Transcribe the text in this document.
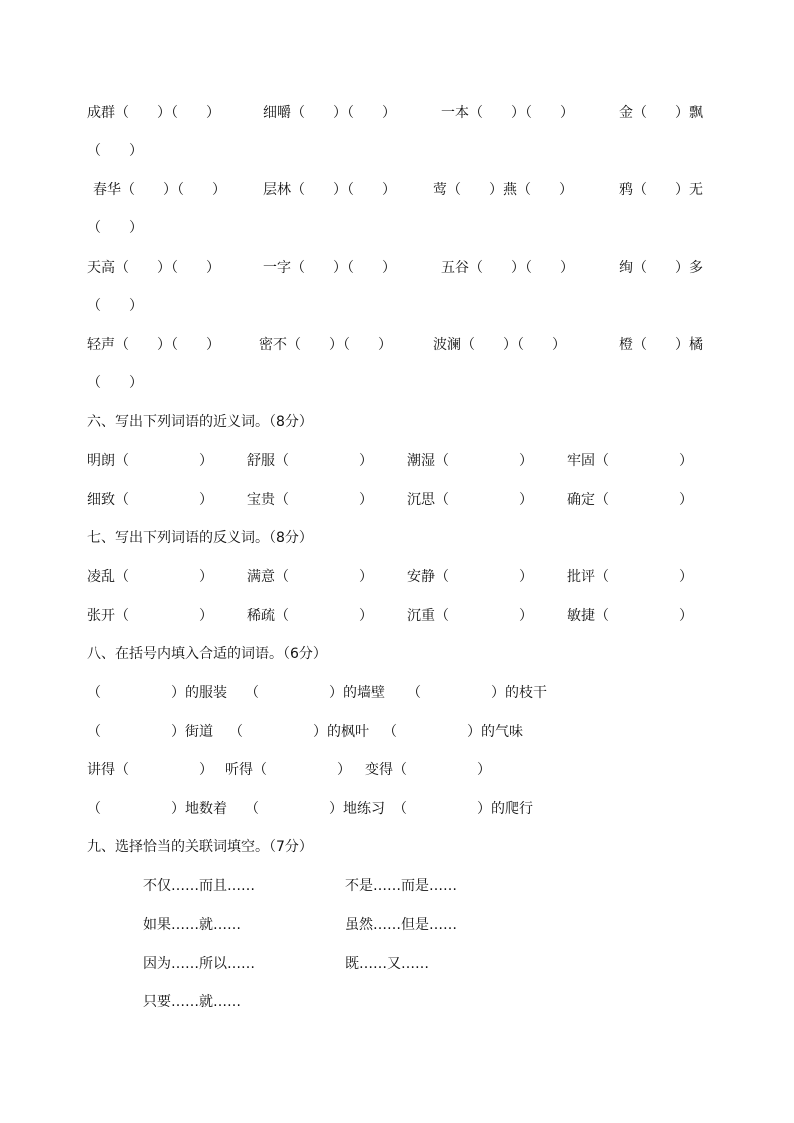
成群（　　）（　　）	细嚼（　　）（　　）	一本（　　）（　　）	金（　　）飘
（　　）
春华（　　）（　　）	层林（　　）（　　）	莺（　　）燕（　　）	鸦（　　）无
（　　）
天高（　　）（　　）	一字（　　）（　　）	五谷（　　）（　　）	绚（　　）多
（　　）
轻声（　　）（　　）	密不（　　）（　　）	波澜（　　）（　　）	橙（　　）橘
（　　）
六、写出下列词语的近义词。（8分）
明朗（　　　　　） 舒服（　　　　　） 潮湿（　　　　　） 牢固（　　　　　）
细致（　　　　　） 宝贵（　　　　　） 沉思（　　　　　） 确定（　　　　　）
七、写出下列词语的反义词。（8分）
凌乱（　　　　　） 满意（　　　　　） 安静（　　　　　） 批评（　　　　　）
张开（　　　　　） 稀疏（　　　　　） 沉重（　　　　　） 敏捷（　　　　　）
八、在括号内填入合适的词语。（6分）
（　　　　　）的服装 （　　　　　）的墙壁 （　　　　　）的枝干
（　　　　　）街道 （　　　　　）的枫叶 （　　　　　）的气味
讲得（　　　　　） 听得（　　　　　） 变得（　　　　　）
（　　　　　）地数着 （　　　　　）地练习 （　　　　　）的爬行
九、选择恰当的关联词填空。（7分）
不仅……而且……	不是……而是……
如果……就……	虽然……但是……
因为……所以……	既……又……
只要……就……
